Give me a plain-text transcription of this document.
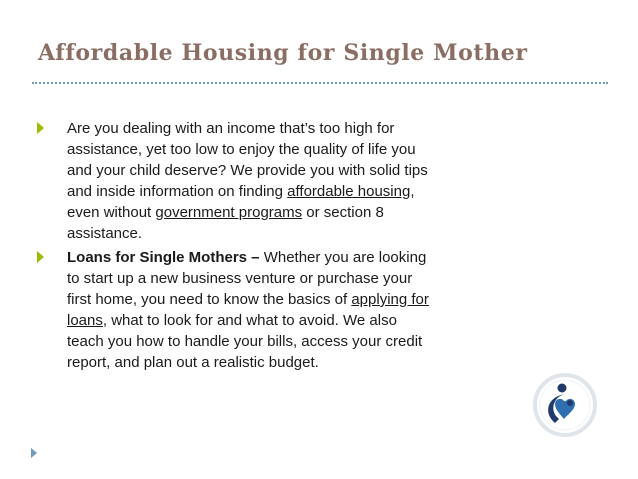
Affordable Housing for Single Mother

Are you dealing with an income that’s too high for assistance, yet too low to enjoy the quality of life you and your child deserve? We provide you with solid tips and inside information on finding affordable housing, even without government programs or section 8 assistance.

Loans for Single Mothers – Whether you are looking to start up a new business venture or purchase your first home, you need to know the basics of applying for loans, what to look for and what to avoid. We also teach you how to handle your bills, access your credit report, and plan out a realistic budget.
